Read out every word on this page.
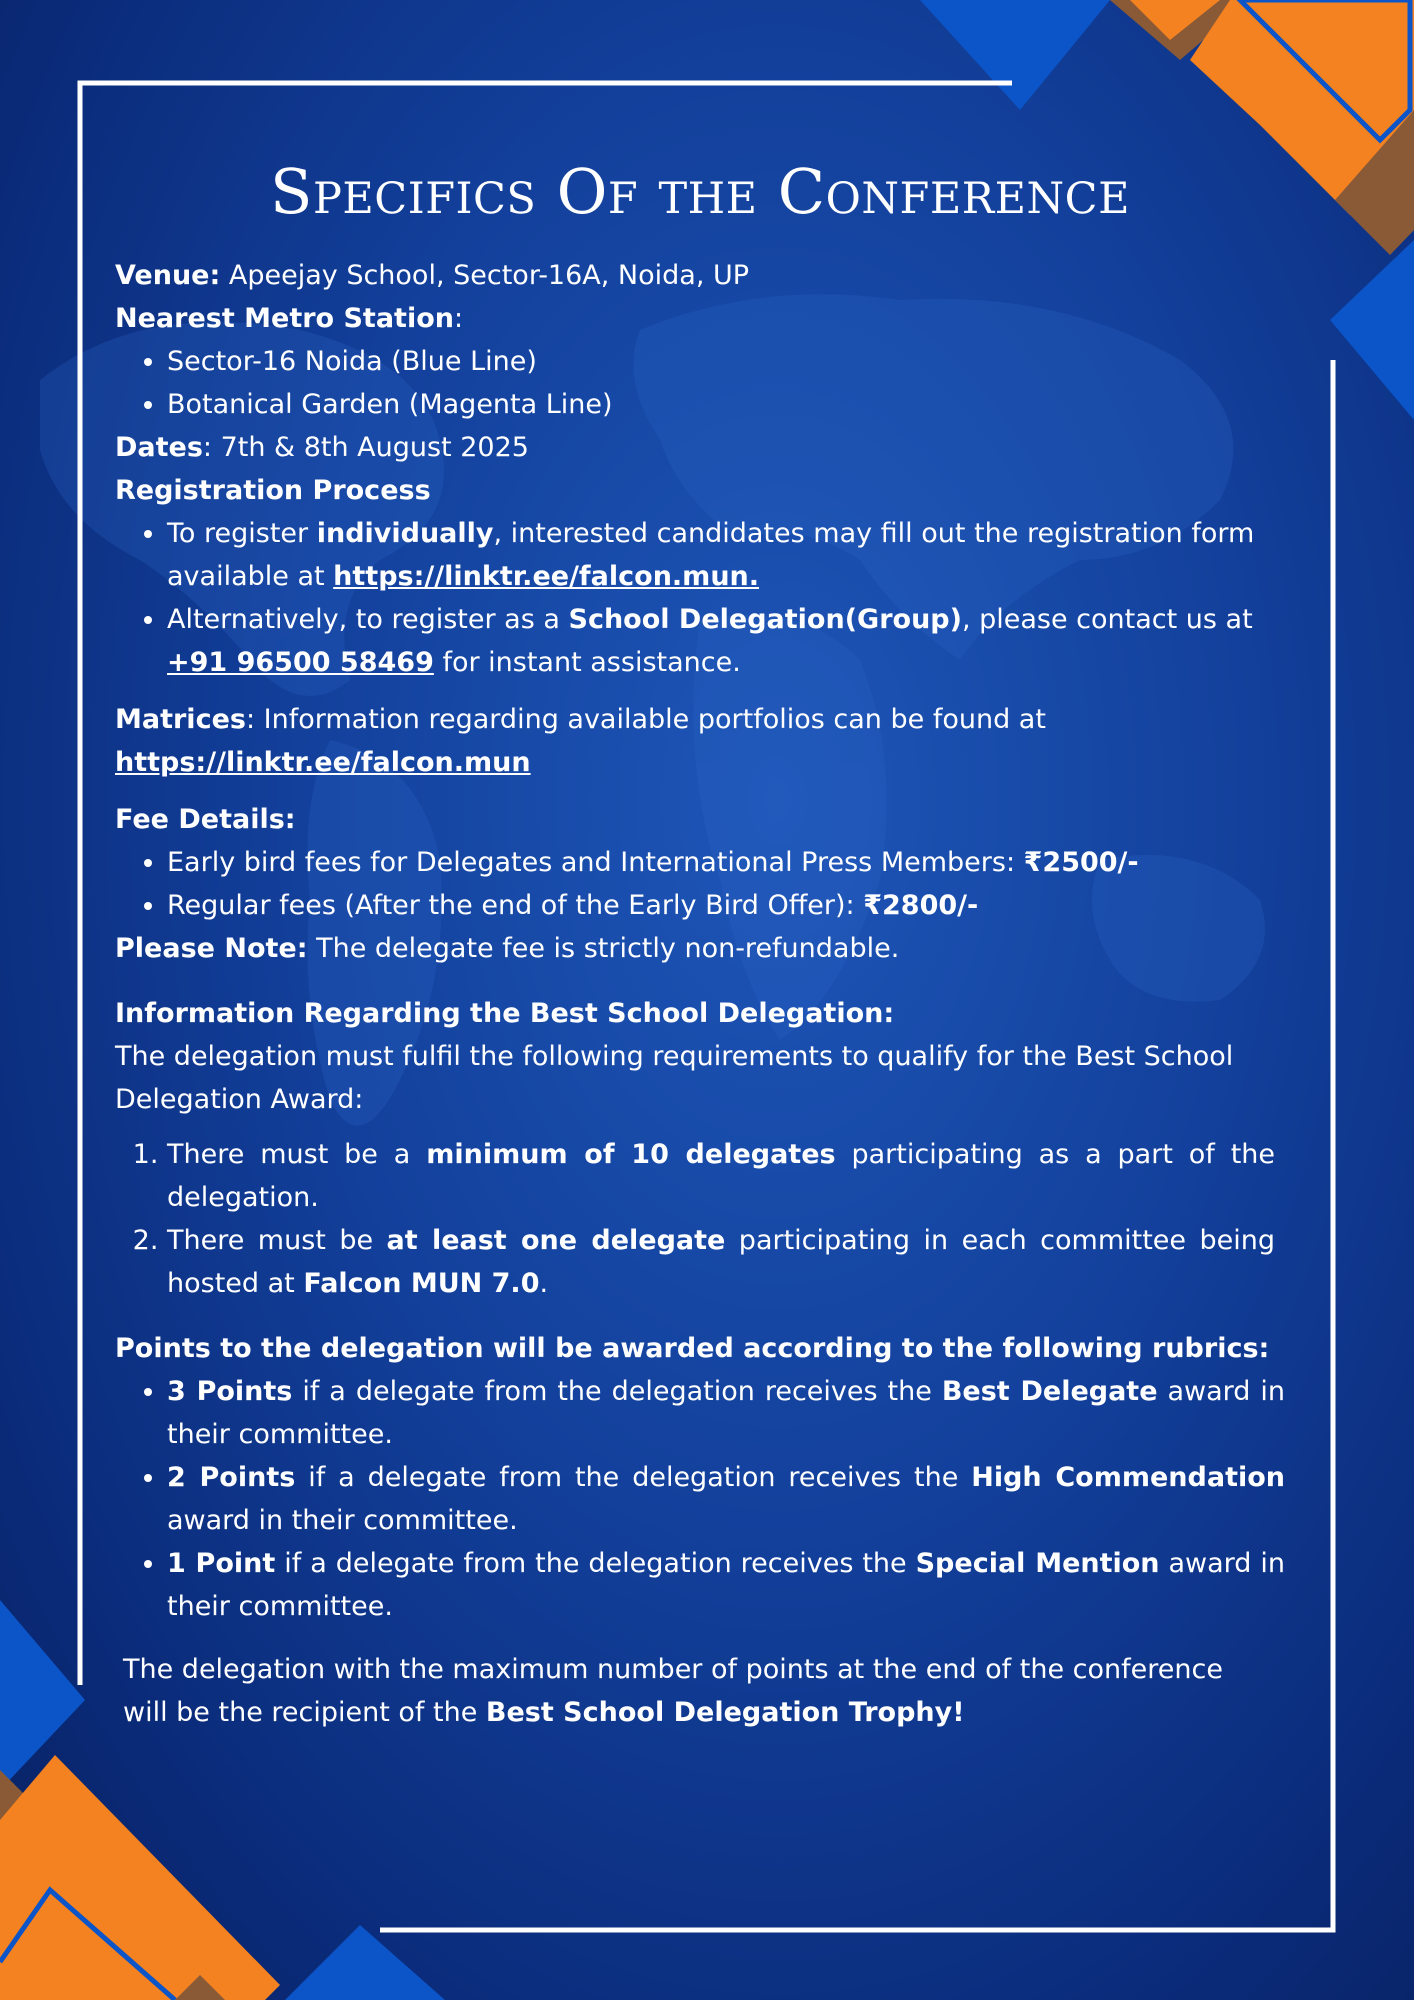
Specifics Of the Conference

Venue: Apeejay School, Sector-16A, Noida, UP

Nearest Metro Station:

• Sector-16 Noida (Blue Line)
• Botanical Garden (Magenta Line)

Dates: 7th & 8th August 2025

Registration Process

• To register individually, interested candidates may fill out the registration form available at https://linktr.ee/falcon.mun.
• Alternatively, to register as a School Delegation(Group), please contact us at +91 96500 58469 for instant assistance.

Matrices: Information regarding available portfolios can be found at
https://linktr.ee/falcon.mun

Fee Details:

• Early bird fees for Delegates and International Press Members: ₹2500/-
• Regular fees (After the end of the Early Bird Offer): ₹2800/-

Please Note: The delegate fee is strictly non-refundable.

Information Regarding the Best School Delegation:

The delegation must fulfil the following requirements to qualify for the Best School Delegation Award:

1. There must be a minimum of 10 delegates participating as a part of the delegation.
2. There must be at least one delegate participating in each committee being hosted at Falcon MUN 7.0.

Points to the delegation will be awarded according to the following rubrics:

• 3 Points if a delegate from the delegation receives the Best Delegate award in their committee.
• 2 Points if a delegate from the delegation receives the High Commendation award in their committee.
• 1 Point if a delegate from the delegation receives the Special Mention award in their committee.

The delegation with the maximum number of points at the end of the conference will be the recipient of the Best School Delegation Trophy!
